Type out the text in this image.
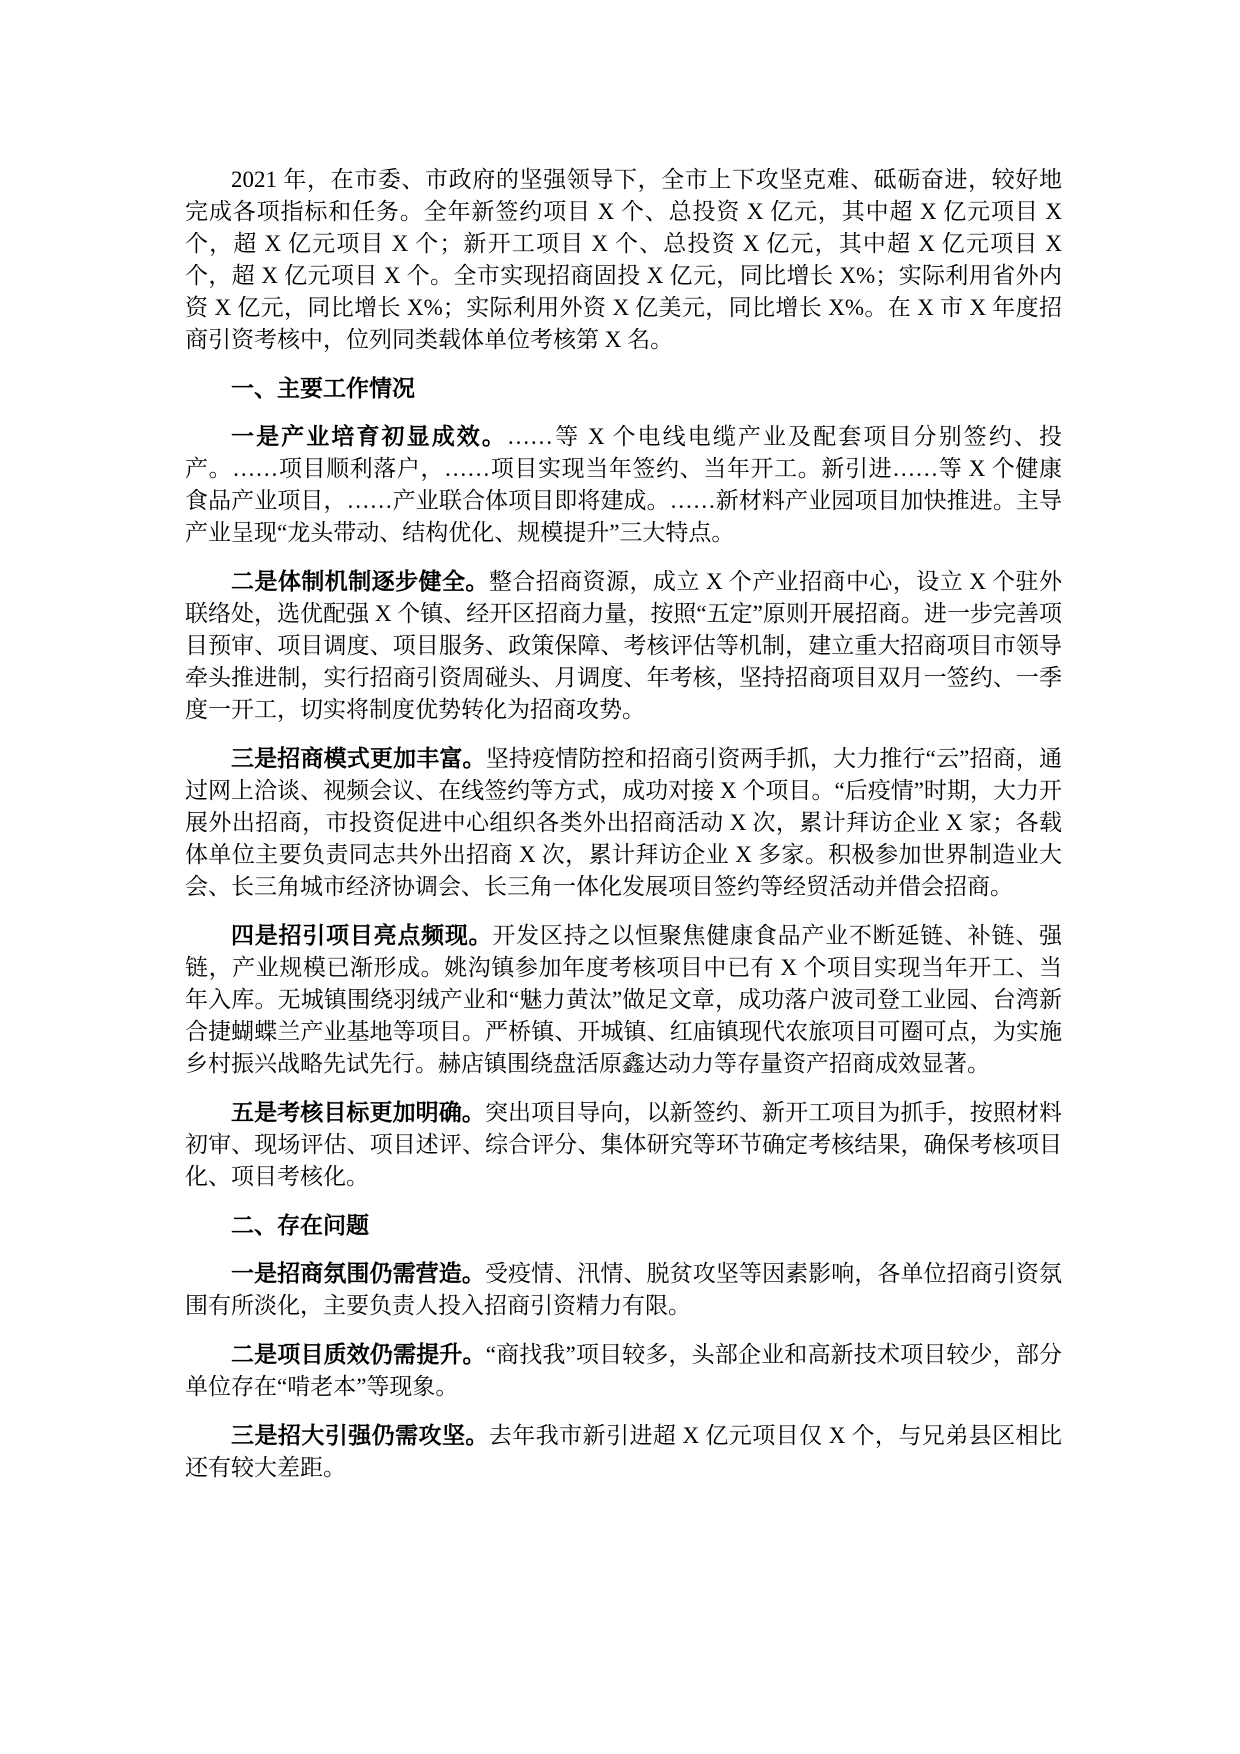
2021 年，在市委、市政府的坚强领导下，全市上下攻坚克难、砥砺奋进，较好地完成各项指标和任务。全年新签约项目 X 个、总投资 X 亿元，其中超 X 亿元项目 X 个，超 X 亿元项目 X 个；新开工项目 X 个、总投资 X 亿元，其中超 X 亿元项目 X 个，超 X 亿元项目 X 个。全市实现招商固投 X 亿元，同比增长 X%；实际利用省外内资 X 亿元，同比增长 X%；实际利用外资 X 亿美元，同比增长 X%。在 X 市 X 年度招商引资考核中，位列同类载体单位考核第 X 名。

一、主要工作情况

一是产业培育初显成效。……等 X 个电线电缆产业及配套项目分别签约、投产。……项目顺利落户，……项目实现当年签约、当年开工。新引进……等 X 个健康食品产业项目，……产业联合体项目即将建成。……新材料产业园项目加快推进。主导产业呈现“龙头带动、结构优化、规模提升”三大特点。

二是体制机制逐步健全。整合招商资源，成立 X 个产业招商中心，设立 X 个驻外联络处，选优配强 X 个镇、经开区招商力量，按照“五定”原则开展招商。进一步完善项目预审、项目调度、项目服务、政策保障、考核评估等机制，建立重大招商项目市领导牵头推进制，实行招商引资周碰头、月调度、年考核，坚持招商项目双月一签约、一季度一开工，切实将制度优势转化为招商攻势。

三是招商模式更加丰富。坚持疫情防控和招商引资两手抓，大力推行“云”招商，通过网上洽谈、视频会议、在线签约等方式，成功对接 X 个项目。“后疫情”时期，大力开展外出招商，市投资促进中心组织各类外出招商活动 X 次，累计拜访企业 X 家；各载体单位主要负责同志共外出招商 X 次，累计拜访企业 X 多家。积极参加世界制造业大会、长三角城市经济协调会、长三角一体化发展项目签约等经贸活动并借会招商。

四是招引项目亮点频现。开发区持之以恒聚焦健康食品产业不断延链、补链、强链，产业规模已渐形成。姚沟镇参加年度考核项目中已有 X 个项目实现当年开工、当年入库。无城镇围绕羽绒产业和“魅力黄汰”做足文章，成功落户波司登工业园、台湾新合捷蝴蝶兰产业基地等项目。严桥镇、开城镇、红庙镇现代农旅项目可圈可点，为实施乡村振兴战略先试先行。赫店镇围绕盘活原鑫达动力等存量资产招商成效显著。

五是考核目标更加明确。突出项目导向，以新签约、新开工项目为抓手，按照材料初审、现场评估、项目述评、综合评分、集体研究等环节确定考核结果，确保考核项目化、项目考核化。

二、存在问题

一是招商氛围仍需营造。受疫情、汛情、脱贫攻坚等因素影响，各单位招商引资氛围有所淡化，主要负责人投入招商引资精力有限。

二是项目质效仍需提升。“商找我”项目较多，头部企业和高新技术项目较少，部分单位存在“啃老本”等现象。

三是招大引强仍需攻坚。去年我市新引进超 X 亿元项目仅 X 个，与兄弟县区相比还有较大差距。
